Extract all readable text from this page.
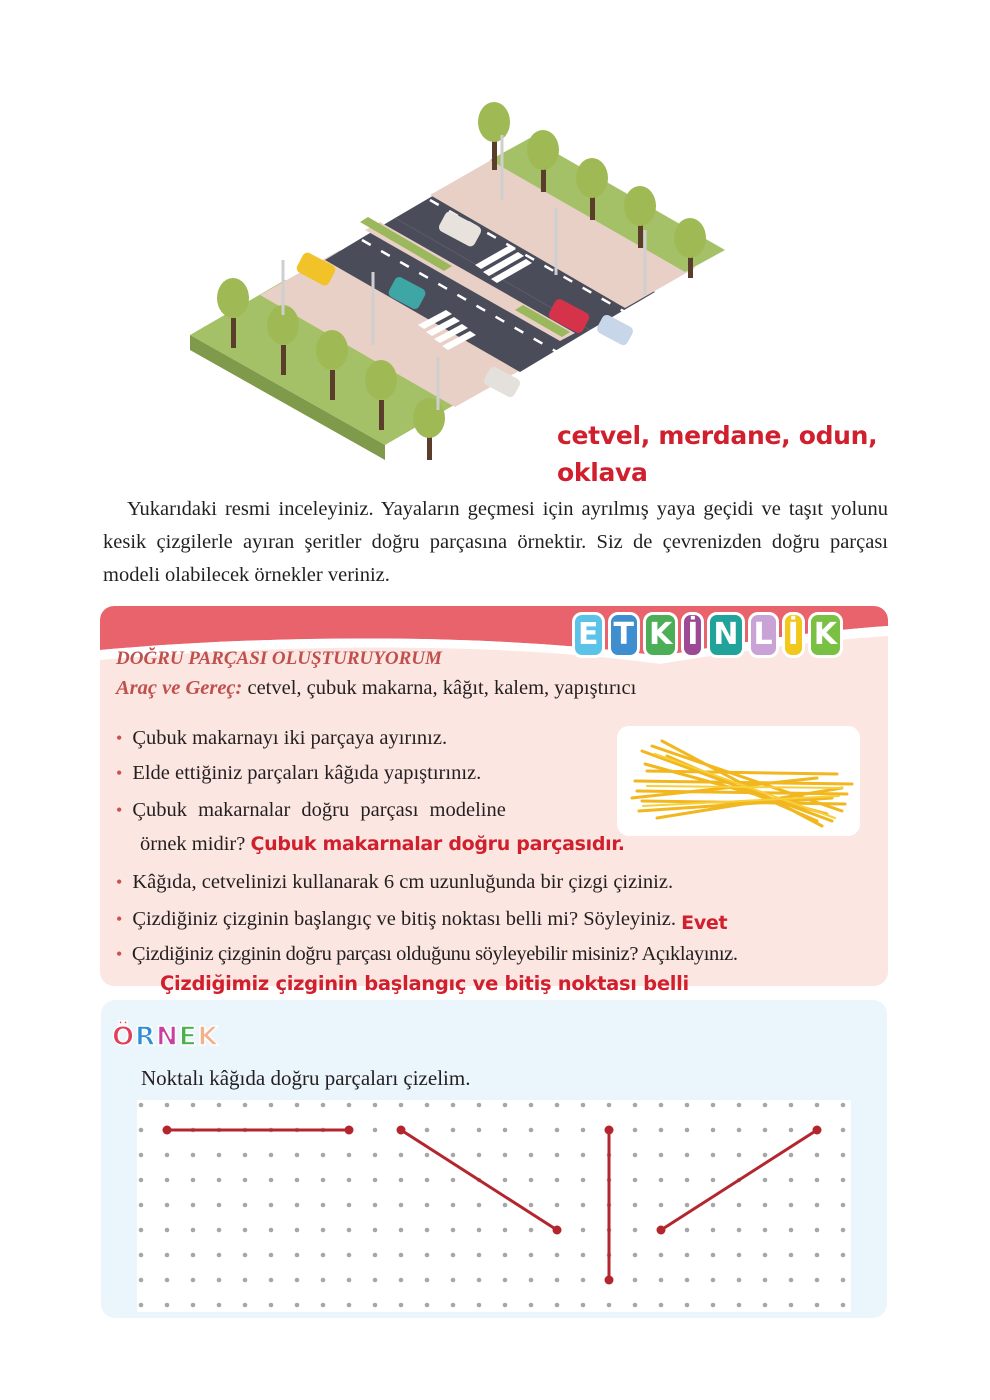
cetvel, merdane, odun,
oklava

Yukarıdaki resmi inceleyiniz. Yayaların geçmesi için ayrılmış yaya geçidi ve taşıt yolunu kesik çizgilerle ayıran şeritler doğru parçasına örnektir. Siz de çevrenizden doğru parçası modeli olabilecek örnekler veriniz.

E T K İ N L İ K
DOĞRU PARÇASI OLUŞTURUYORUM
Araç ve Gereç: cetvel, çubuk makarna, kâğıt, kalem, yapıştırıcı
• Çubuk makarnayı iki parçaya ayırınız.
• Elde ettiğiniz parçaları kâğıda yapıştırınız.
• Çubuk makarnalar doğru parçası modeline
örnek midir? Çubuk makarnalar doğru parçasıdır.
• Kâğıda, cetvelinizi kullanarak 6 cm uzunluğunda bir çizgi çiziniz.
• Çizdiğiniz çizginin başlangıç ve bitiş noktası belli mi? Söyleyiniz. Evet
• Çizdiğiniz çizginin doğru parçası olduğunu söyleyebilir misiniz? Açıklayınız.
Çizdiğimiz çizginin başlangıç ve bitiş noktası belli
Ö R N E K
Noktalı kâğıda doğru parçaları çizelim.
